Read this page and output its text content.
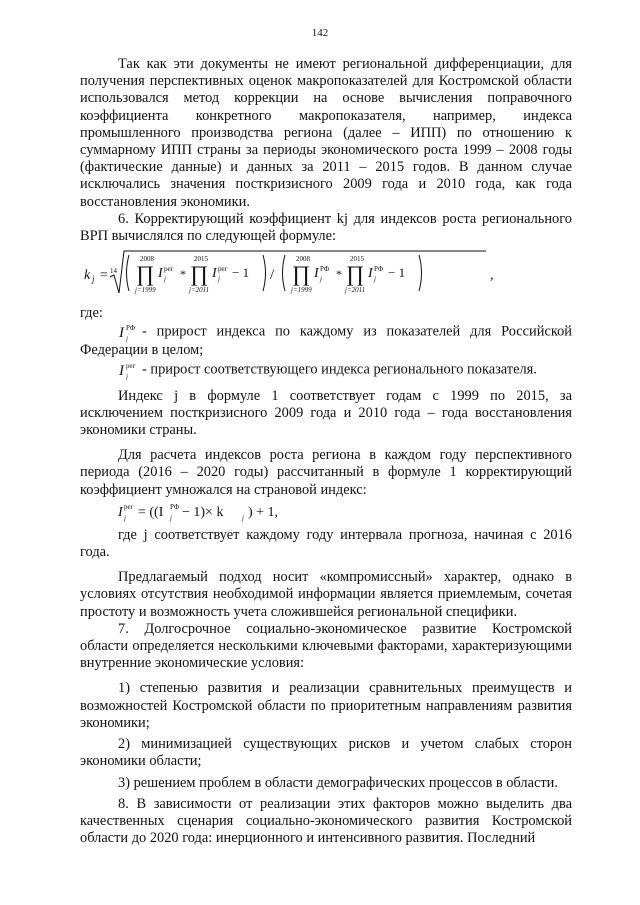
142

Так как эти документы не имеют региональной дифференциации, для получения перспективных оценок макропоказателей для Костромской области использовался метод коррекции на основе вычисления поправочного коэффициента конкретного макропоказателя, например, индекса промышленного производства региона (далее – ИПП) по отношению к суммарному ИПП страны за периоды экономического роста 1999 – 2008 годы (фактические данные) и данных за 2011 – 2015 годов. В данном случае исключались значения посткризисного 2009 года и 2010 года, как года восстановления экономики.

6. Корректирующий коэффициент kj для индексов роста регионального ВРП вычислялся по следующей формуле:

k j = 14
2008
∏
j=1999
I рег
j *
2015
∏
j=2011
I рег
j − 1 /
2008
∏
j=1999
I РФ
j *
2015
∏
j=2011
I РФ
j − 1	,

где:

I РФ
j - прирост индекса по каждому из показателей для Российской Федерации в целом;

I рег
j - прирост соответствующего индекса регионального показателя.

Индекс j в формуле 1 соответствует годам с 1999 по 2015, за исключением посткризисного 2009 года и 2010 года – года восстановления экономики страны.

Для расчета индексов роста региона в каждом году перспективного периода (2016 – 2020 годы) рассчитанный в формуле 1 корректирующий коэффициент умножался на страновой индекс:

I рег
j = ((I РФ
j − 1)× k	j ) + 1,

где j соответствует каждому году интервала прогноза, начиная с 2016 года.

Предлагаемый подход носит «компромиссный» характер, однако в условиях отсутствия необходимой информации является приемлемым, сочетая простоту и возможность учета сложившейся региональной специфики.

7. Долгосрочное социально-экономическое развитие Костромской области определяется несколькими ключевыми факторами, характеризующими внутренние экономические условия:

1) степенью развития и реализации сравнительных преимуществ и возможностей Костромской области по приоритетным направлениям развития экономики;

2) минимизацией существующих рисков и учетом слабых сторон экономики области;

3) решением проблем в области демографических процессов в области.

8. В зависимости от реализации этих факторов можно выделить два качественных сценария социально-экономического развития Костромской области до 2020 года: инерционного и интенсивного развития. Последний
